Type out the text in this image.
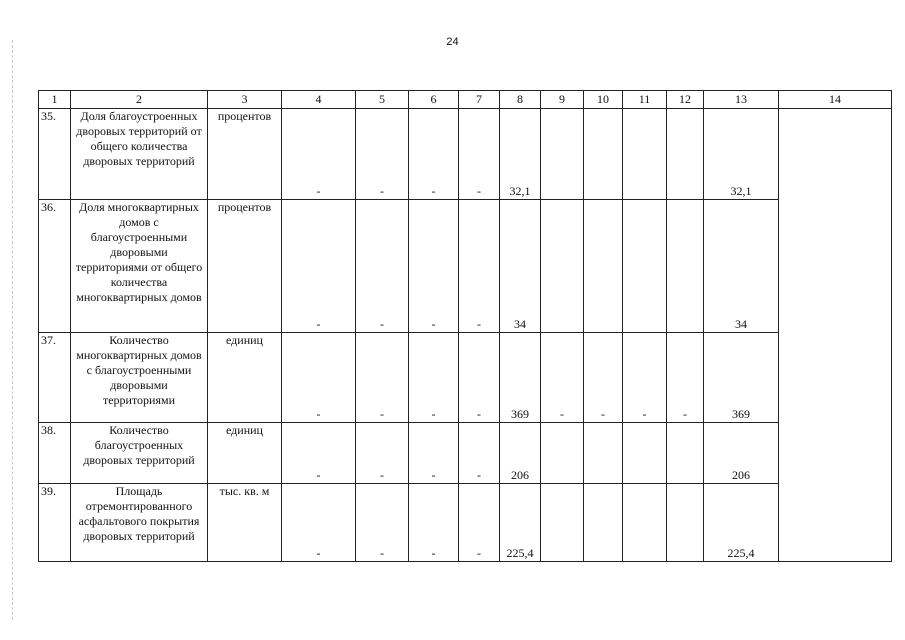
24
1	2	3	4	5	6	7	8	9	10	11	12	13	14
35.	Доля благоустроенных дворовых территорий от общего количества дворовых территорий	процентов	-	-	-	-	32,1					32,1	
36.	Доля многоквартирных домов с благоустроенными дворовыми территориями от общего количества многоквартирных домов	процентов	-	-	-	-	34					34	
37.	Количество многоквартирных домов с благоустроенными дворовыми территориями	единиц	-	-	-	-	369	-	-	-	-	369	
38.	Количество благоустроенных дворовых территорий	единиц	-	-	-	-	206					206	
39.	Площадь отремонтированного асфальтового покрытия дворовых территорий	тыс. кв. м	-	-	-	-	225,4					225,4	
